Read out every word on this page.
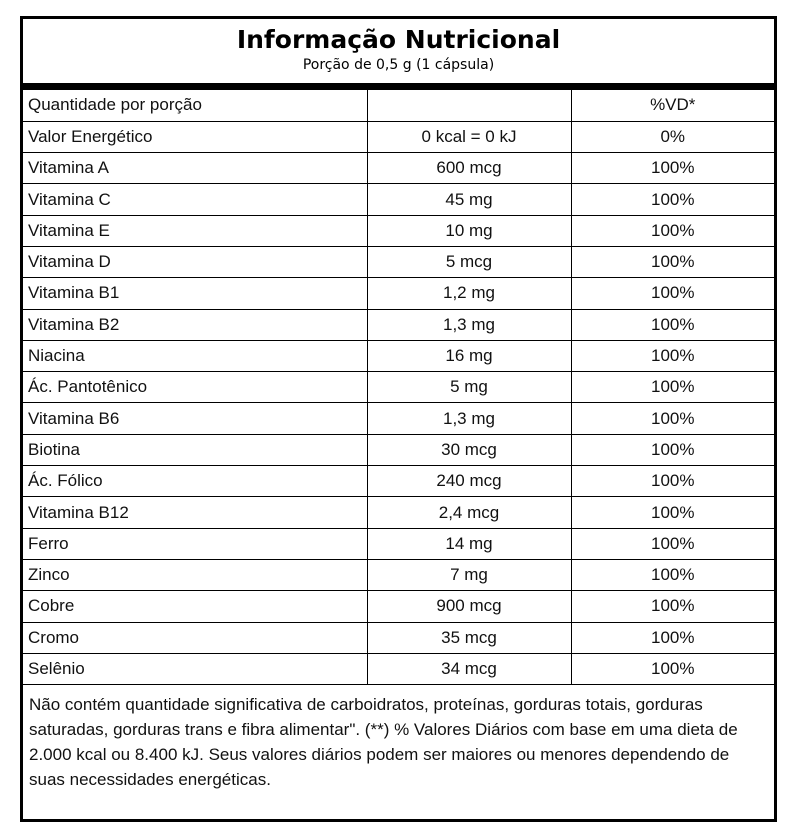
Informação Nutricional
Porção de 0,5 g (1 cápsula)
Quantidade por porção		%VD*
Valor Energético	0 kcal = 0 kJ	0%
Vitamina A	600 mcg	100%
Vitamina C	45 mg	100%
Vitamina E	10 mg	100%
Vitamina D	5 mcg	100%
Vitamina B1	1,2 mg	100%
Vitamina B2	1,3 mg	100%
Niacina	16 mg	100%
Ác. Pantotênico	5 mg	100%
Vitamina B6	1,3 mg	100%
Biotina	30 mcg	100%
Ác. Fólico	240 mcg	100%
Vitamina B12	2,4 mcg	100%
Ferro	14 mg	100%
Zinco	7 mg	100%
Cobre	900 mcg	100%
Cromo	35 mcg	100%
Selênio	34 mcg	100%
Não contém quantidade significativa de carboidratos, proteínas, gorduras totais, gorduras saturadas, gorduras trans e fibra alimentar". (**) % Valores Diários com base em uma dieta de 2.000 kcal ou 8.400 kJ. Seus valores diários podem ser maiores ou menores dependendo de suas necessidades energéticas.
